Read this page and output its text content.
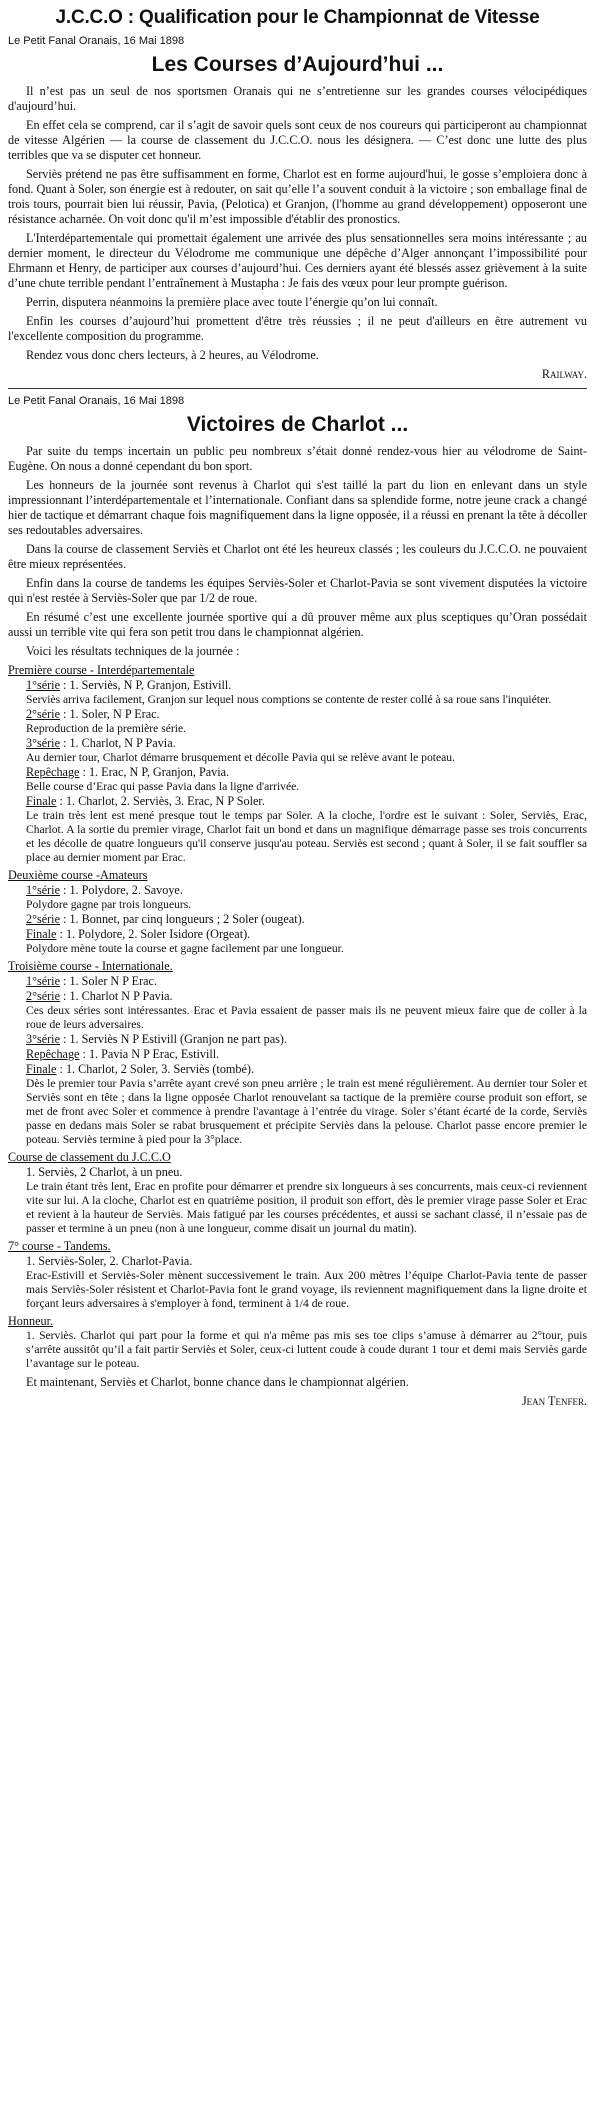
J.C.C.O : Qualification pour le Championnat de Vitesse
Le Petit Fanal Oranais, 16 Mai 1898
Les Courses d’Aujourd’hui ...

Il n’est pas un seul de nos sportsmen Oranais qui ne s’entretienne sur les grandes courses vélocipédiques d'aujourd’hui.

En effet cela se comprend, car il s’agit de savoir quels sont ceux de nos coureurs qui participeront au championnat de vitesse Algérien — la course de classement du J.C.C.O. nous les désignera. — C’est donc une lutte des plus terribles que va se disputer cet honneur.

Serviès prétend ne pas être suffisamment en forme, Charlot est en forme aujourd'hui, le gosse s’emploiera donc à fond. Quant à Soler, son énergie est à redouter, on sait qu’elle l’a souvent conduit à la victoire ; son emballage final de trois tours, pourrait bien lui réussir, Pavia, (Pelotica) et Granjon, (l'homme au grand développement) opposeront une résistance acharnée. On voit donc qu'il m’est impossible d'établir des pronostics.

L'Interdépartementale qui promettait également une arrivée des plus sensationnelles sera moins intéressante ; au dernier moment, le directeur du Vélodrome me communique une dépêche d’Alger annonçant l’impossibilité pour Ehrmann et Henry, de participer aux courses d’aujourd’hui. Ces derniers ayant été blessés assez grièvement à la suite d’une chute terrible pendant l’entraînement à Mustapha : Je fais des vœux pour leur prompte guérison.

Perrin, disputera néanmoins la première place avec toute l’énergie qu’on lui connaît.

Enfin les courses d’aujourd’hui promettent d'être très réussies ; il ne peut d'ailleurs en être autrement vu l'excellente composition du programme.

Rendez vous donc chers lecteurs, à 2 heures, au Vélodrome.

Railway.
Le Petit Fanal Oranais, 16 Mai 1898
Victoires de Charlot ...

Par suite du temps incertain un public peu nombreux s’était donné rendez-vous hier au vélodrome de Saint-Eugène. On nous a donné cependant du bon sport.

Les honneurs de la journée sont revenus à Charlot qui s'est taillé la part du lion en enlevant dans un style impressionnant l’interdépartementale et l’internationale. Confiant dans sa splendide forme, notre jeune crack a changé hier de tactique et démarrant chaque fois magnifiquement dans la ligne opposée, il a réussi en prenant la tête à décoller ses redoutables adversaires.

Dans la course de classement Serviès et Charlot ont été les heureux classés ; les couleurs du J.C.C.O. ne pouvaient être mieux représentées.

Enfin dans la course de tandems les équipes Serviès-Soler et Charlot-Pavia se sont vivement disputées la victoire qui n'est restée à Serviès-Soler que par 1/2 de roue.

En résumé c’est une excellente journée sportive qui a dû prouver même aux plus sceptiques qu’Oran possédait aussi un terrible vite qui fera son petit trou dans le championnat algérien.

Voici les résultats techniques de la journée :

Première course - Interdépartementale
1°série : 1. Serviès, N P, Granjon, Estivill.
Serviès arriva facilement, Granjon sur lequel nous comptions se contente de rester collé à sa roue sans l'inquiéter.
2°série : 1. Soler, N P Erac.
Reproduction de la première série.
3°série : 1. Charlot, N P Pavia.
Au dernier tour, Charlot démarre brusquement et décolle Pavia qui se relève avant le poteau.
Repêchage : 1. Erac, N P, Granjon, Pavia.
Belle course d’Erac qui passe Pavia dans la ligne d'arrivée.
Finale : 1. Charlot, 2. Serviès, 3. Erac, N P Soler.
Le train très lent est mené presque tout le temps par Soler. A la cloche, l'ordre est le suivant : Soler, Serviès, Erac, Charlot. A la sortie du premier virage, Charlot fait un bond et dans un magnifique démarrage passe ses trois concurrents et les décolle de quatre longueurs qu'il conserve jusqu'au poteau. Serviès est second ; quant à Soler, il se fait souffler sa place au dernier moment par Erac.
Deuxième course -Amateurs
1°série : 1. Polydore, 2. Savoye.
Polydore gagne par trois longueurs.
2°série : 1. Bonnet, par cinq longueurs ; 2 Soler (ougeat).
Finale : 1. Polydore, 2. Soler Isidore (Orgeat).
Polydore mène toute la course et gagne facilement par une longueur.
Troisième course - Internationale.
1°série : 1. Soler N P Erac.
2°série : 1. Charlot N P Pavia.
Ces deux séries sont intéressantes. Erac et Pavia essaient de passer mais ils ne peuvent mieux faire que de coller à la roue de leurs adversaires.
3°série : 1. Serviès N P Estivill (Granjon ne part pas).
Repêchage : 1. Pavia N P Erac, Estivill.
Finale : 1. Charlot, 2 Soler, 3. Serviès (tombé).
Dès le premier tour Pavia s’arrête ayant crevé son pneu arrière ; le train est mené régulièrement. Au dernier tour Soler et Serviès sont en tête ; dans la ligne opposée Charlot renouvelant sa tactique de la première course produit son effort, se met de front avec Soler et commence à prendre l'avantage à l’entrée du virage. Soler s’étant écarté de la corde, Serviès passe en dedans mais Soler se rabat brusquement et précipite Serviès dans la pelouse. Charlot passe encore premier le poteau. Serviès termine à pied pour la 3°place.
Course de classement du J.C.C.O
1. Serviès, 2 Charlot, à un pneu.
Le train étant très lent, Erac en profite pour démarrer et prendre six longueurs à ses concurrents, mais ceux-ci reviennent vite sur lui. A la cloche, Charlot est en quatrième position, il produit son effort, dès le premier virage passe Soler et Erac et revient à la hauteur de Serviès. Mais fatigué par les courses précédentes, et aussi se sachant classé, il n’essaie pas de passer et termine à un pneu (non à une longueur, comme disait un journal du matin).
7° course - Tandems.
1. Serviès-Soler, 2. Charlot-Pavia.
Erac-Estivill et Serviès-Soler mènent successivement le train. Aux 200 mètres l’équipe Charlot-Pavia tente de passer mais Serviès-Soler résistent et Charlot-Pavia font le grand voyage, ils reviennent magnifiquement dans la ligne droite et forçant leurs adversaires à s'employer à fond, terminent à 1/4 de roue.
Honneur.
1. Serviès. Charlot qui part pour la forme et qui n'a même pas mis ses toe clips s’amuse à démarrer au 2°tour, puis s’arrête aussitôt qu’il a fait partir Serviès et Soler, ceux-ci luttent coude à coude durant 1 tour et demi mais Serviès garde l’avantage sur le poteau.

Et maintenant, Serviès et Charlot, bonne chance dans le championnat algérien.

Jean Tenfer.
